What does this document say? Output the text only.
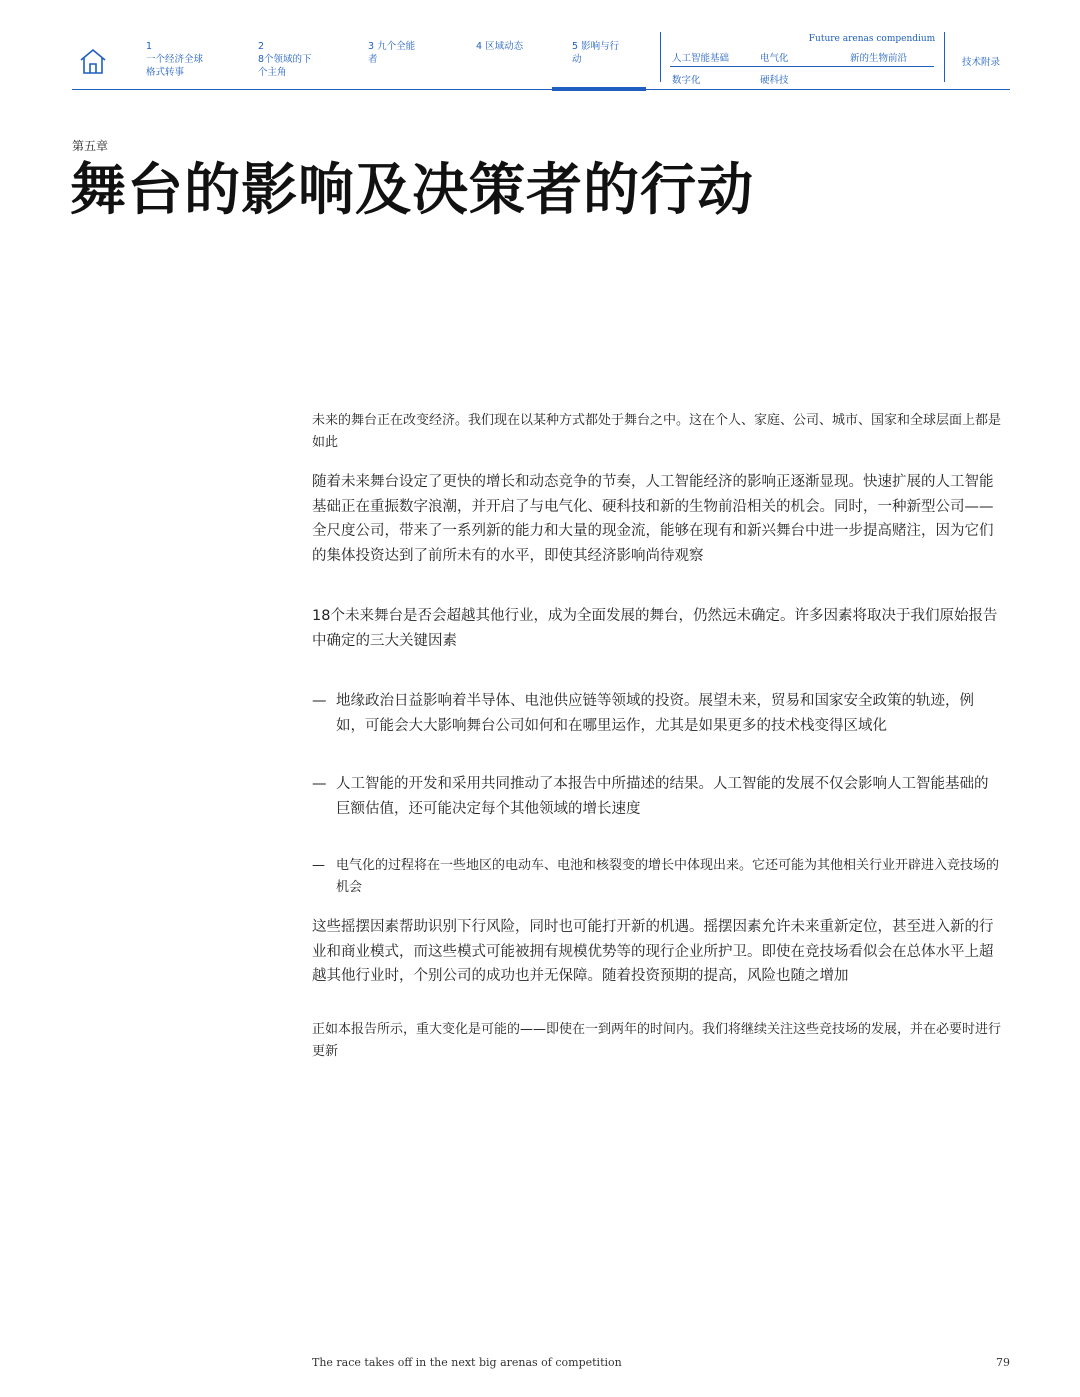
1
一个经济全球格式转事
2
8个领域的下个主角
3 九个全能者
4 区域动态	5 影响与行动
Future arenas compendium
人工智能基础	电气化	新的生物前沿
数字化	硬科技
技术附录
第五章
舞台的影响及决策者的行动

未来的舞台正在改变经济。我们现在以某种方式都处于舞台之中。这在个人、家庭、公司、城市、国家和全球层面上都是如此

随着未来舞台设定了更快的增长和动态竞争的节奏，人工智能经济的影响正逐渐显现。快速扩展的人工智能基础正在重振数字浪潮，并开启了与电气化、硬科技和新的生物前沿相关的机会。同时，一种新型公司——全尺度公司，带来了一系列新的能力和大量的现金流，能够在现有和新兴舞台中进一步提高赌注，因为它们的集体投资达到了前所未有的水平，即使其经济影响尚待观察

18个未来舞台是否会超越其他行业，成为全面发展的舞台，仍然远未确定。许多因素将取决于我们原始报告中确定的三大关键因素

— 地缘政治日益影响着半导体、电池供应链等领域的投资。展望未来，贸易和国家安全政策的轨迹，例如，可能会大大影响舞台公司如何和在哪里运作，尤其是如果更多的技术栈变得区域化
— 人工智能的开发和采用共同推动了本报告中所描述的结果。人工智能的发展不仅会影响人工智能基础的巨额估值，还可能决定每个其他领域的增长速度
— 电气化的过程将在一些地区的电动车、电池和核裂变的增长中体现出来。它还可能为其他相关行业开辟进入竞技场的机会

这些摇摆因素帮助识别下行风险，同时也可能打开新的机遇。摇摆因素允许未来重新定位，甚至进入新的行业和商业模式，而这些模式可能被拥有规模优势等的现行企业所护卫。即使在竞技场看似会在总体水平上超越其他行业时，个别公司的成功也并无保障。随着投资预期的提高，风险也随之增加

正如本报告所示，重大变化是可能的——即使在一到两年的时间内。我们将继续关注这些竞技场的发展，并在必要时进行更新

The race takes off in the next big arenas of competition	79
